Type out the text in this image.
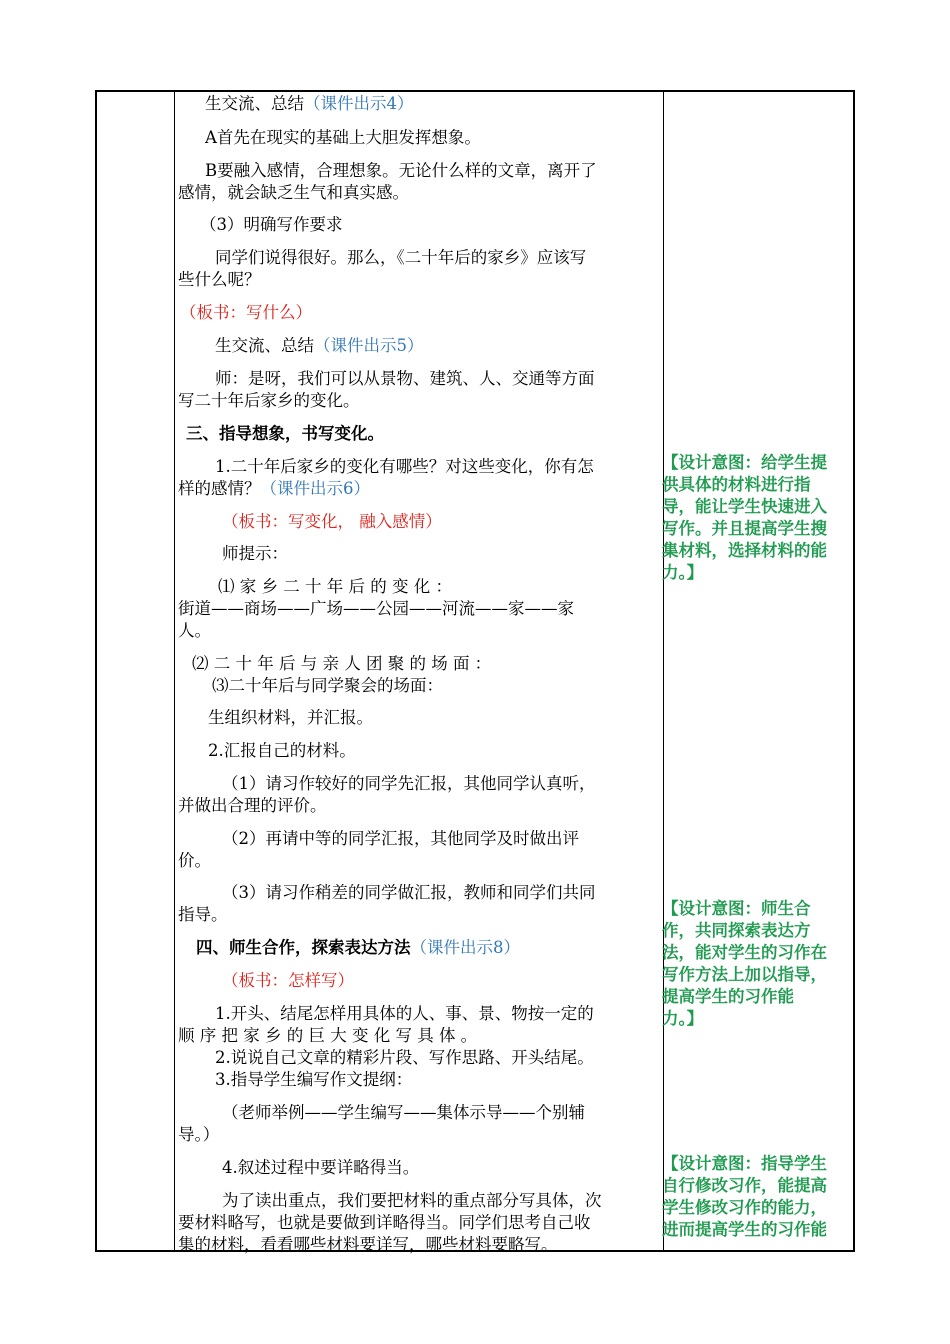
生交流、总结（课件出示4）
A首先在现实的基础上大胆发挥想象。
B要融入感情，合理想象。无论什么样的文章，离开了
感情，就会缺乏生气和真实感。
（3）明确写作要求
同学们说得很好。那么，《二十年后的家乡》应该写
些什么呢？
（板书：写什么）
生交流、总结（课件出示5）
师：是呀，我们可以从景物、建筑、人、交通等方面
写二十年后家乡的变化。
三、指导想象，书写变化。
1.二十年后家乡的变化有哪些？对这些变化，你有怎
样的感情？（课件出示6）
（板书：写变化， 融入感情）
师提示：
⑴ 家 乡 二 十 年 后 的 变 化 ：
街道——商场——广场——公园——河流——家——家
人。
⑵ 二 十 年 后 与 亲 人 团 聚 的 场 面 ：
⑶二十年后与同学聚会的场面：
生组织材料，并汇报。
2.汇报自己的材料。
（1）请习作较好的同学先汇报，其他同学认真听，
并做出合理的评价。
（2）再请中等的同学汇报，其他同学及时做出评
价。
（3）请习作稍差的同学做汇报，教师和同学们共同
指导。
四、师生合作，探索表达方法（课件出示8）
（板书：怎样写）
1.开头、结尾怎样用具体的人、事、景、物按一定的
顺 序 把 家 乡 的 巨 大 变 化 写 具 体 。
2.说说自己文章的精彩片段、写作思路、开头结尾。
3.指导学生编写作文提纲：
（老师举例——学生编写——集体示导——个别辅
导。）
4.叙述过程中要详略得当。
为了读出重点，我们要把材料的重点部分写具体，次
要材料略写，也就是要做到详略得当。同学们思考自己收
集的材料，看看哪些材料要详写，哪些材料要略写。
【设计意图：给学生提
供具体的材料进行指
导，能让学生快速进入
写作。并且提高学生搜
集材料，选择材料的能
力。】
【设计意图：师生合
作，共同探索表达方
法，能对学生的习作在
写作方法上加以指导，
提高学生的习作能
力。】
【设计意图：指导学生
自行修改习作，能提高
学生修改习作的能力，
进而提高学生的习作能
